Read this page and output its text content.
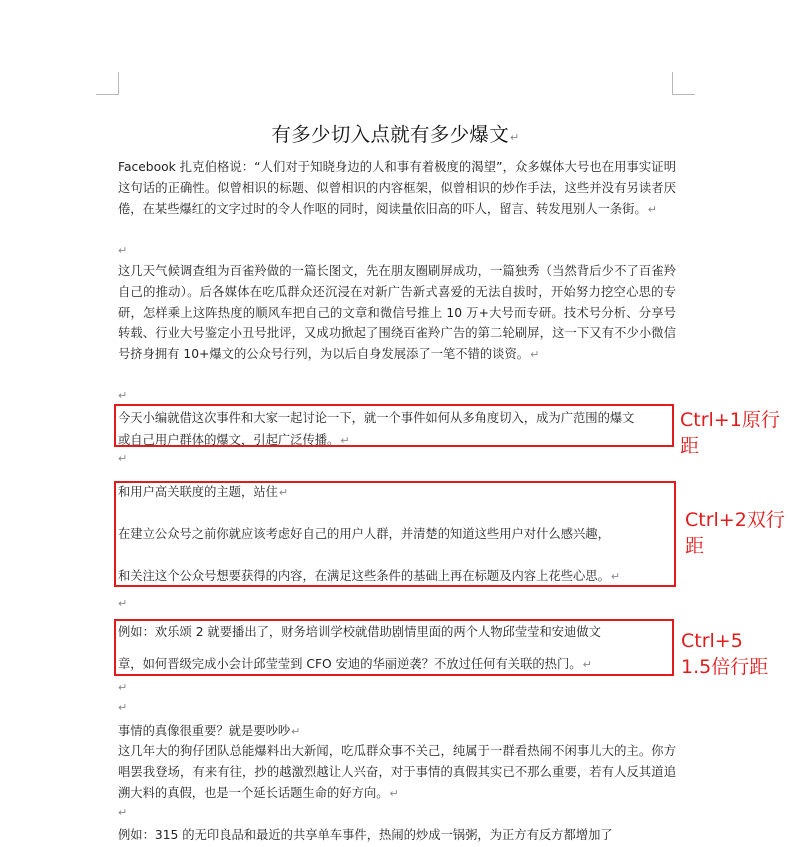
有多少切入点就有多少爆文↵
Facebook 扎克伯格说：“人们对于知晓身边的人和事有着极度的渴望”，众多媒体大号也在用事实证明这句话的正确性。似曾相识的标题、似曾相识的内容框架，似曾相识的炒作手法，这些并没有另读者厌倦，在某些爆红的文字过时的令人作呕的同时，阅读量依旧高的吓人，留言、转发甩别人一条街。↵
↵
这几天气候调查组为百雀羚做的一篇长图文，先在朋友圈刷屏成功，一篇独秀（当然背后少不了百雀羚自己的推动）。后各媒体在吃瓜群众还沉浸在对新广告新式喜爱的无法自拔时，开始努力挖空心思的专研，怎样乘上这阵热度的顺风车把自己的文章和微信号推上 10 万+大号而专研。技术号分析、分享号转载、行业大号鉴定小丑号批评，又成功掀起了围绕百雀羚广告的第二轮刷屏，这一下又有不少小微信号挤身拥有 10+爆文的公众号行列，为以后自身发展添了一笔不错的谈资。↵
↵
今天小编就借这次事件和大家一起讨论一下，就一个事件如何从多角度切入，成为广范围的爆文
或自己用户群体的爆文，引起广泛传播。↵
Ctrl+1原行距
↵
和用户高关联度的主题，站住↵
在建立公众号之前你就应该考虑好自己的用户人群，并清楚的知道这些用户对什么感兴趣，
和关注这个公众号想要获得的内容，在满足这些条件的基础上再在标题及内容上花些心思。↵
Ctrl+2双行距
↵
例如：欢乐颂 2 就要播出了，财务培训学校就借助剧情里面的两个人物邱莹莹和安迪做文
章，如何晋级完成小会计邱莹莹到 CFO 安迪的华丽逆袭？不放过任何有关联的热门。↵
Ctrl+5 1.5倍行距
↵
↵
事情的真像很重要？就是要吵吵↵
这几年大的狗仔团队总能爆料出大新闻，吃瓜群众事不关己，纯属于一群看热闹不闲事儿大的主。你方唱罢我登场，有来有往，抄的越激烈越让人兴奋，对于事情的真假其实已不那么重要，若有人反其道追溯大料的真假，也是一个延长话题生命的好方向。↵
↵
例如：315 的无印良品和最近的共享单车事件，热闹的炒成一锅粥，为正方有反方都增加了
